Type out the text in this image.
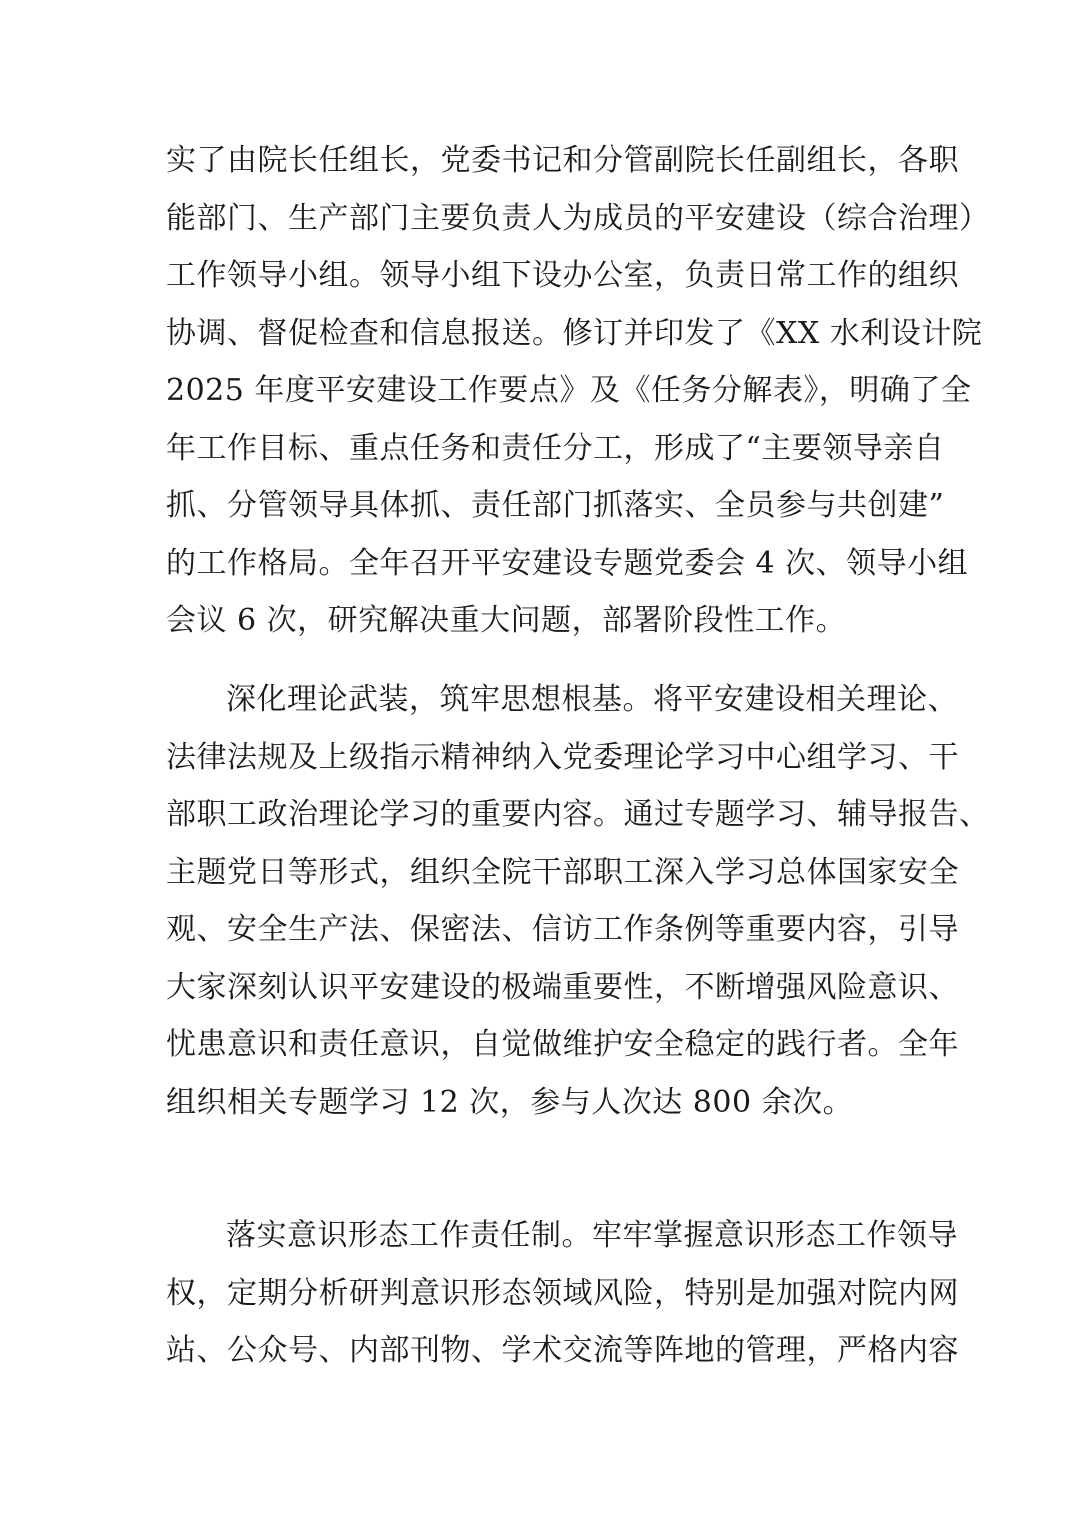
实了由院长任组长，党委书记和分管副院长任副组长，各职
能部门、生产部门主要负责人为成员的平安建设（综合治理）
工作领导小组。领导小组下设办公室，负责日常工作的组织
协调、督促检查和信息报送。修订并印发了《XX 水利设计院
2025 年度平安建设工作要点》及《任务分解表》，明确了全
年工作目标、重点任务和责任分工，形成了“主要领导亲自
抓、分管领导具体抓、责任部门抓落实、全员参与共创建”
的工作格局。全年召开平安建设专题党委会 4 次、领导小组
会议 6 次，研究解决重大问题，部署阶段性工作。
深化理论武装，筑牢思想根基。将平安建设相关理论、
法律法规及上级指示精神纳入党委理论学习中心组学习、干
部职工政治理论学习的重要内容。通过专题学习、辅导报告、
主题党日等形式，组织全院干部职工深入学习总体国家安全
观、安全生产法、保密法、信访工作条例等重要内容，引导
大家深刻认识平安建设的极端重要性，不断增强风险意识、
忧患意识和责任意识，自觉做维护安全稳定的践行者。全年
组织相关专题学习 12 次，参与人次达 800 余次。
落实意识形态工作责任制。牢牢掌握意识形态工作领导
权，定期分析研判意识形态领域风险，特别是加强对院内网
站、公众号、内部刊物、学术交流等阵地的管理，严格内容
